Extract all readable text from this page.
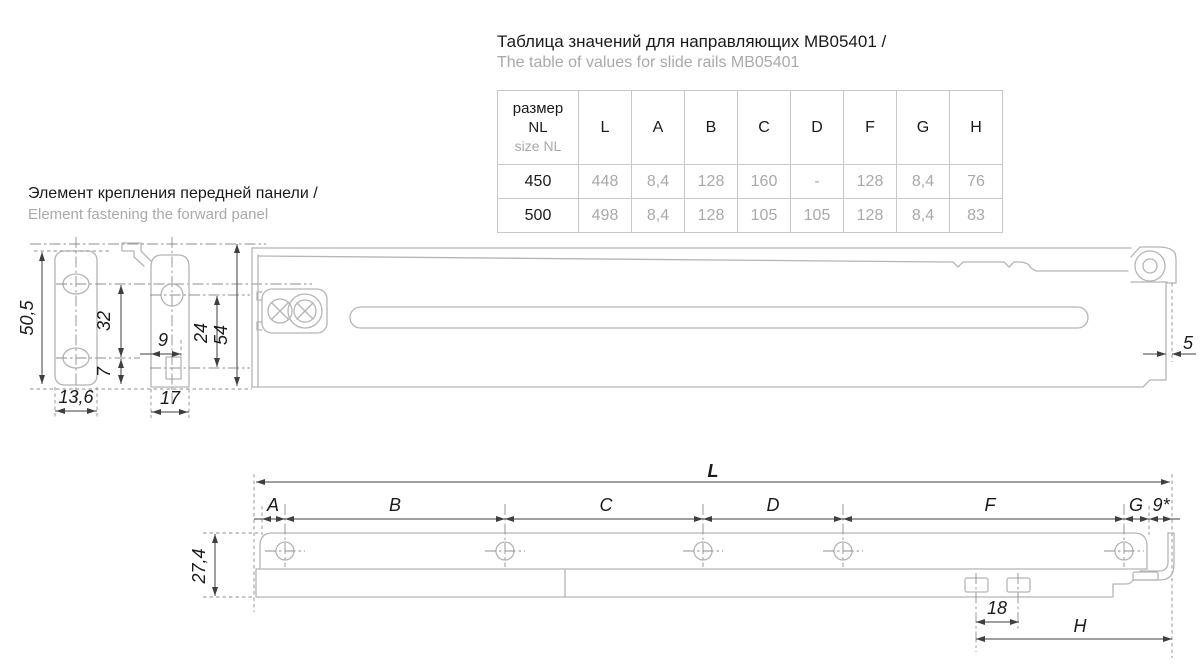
Таблица значений для направляющих MB05401 /
The table of values for slide rails MB05401
размер
NL
size NL	L	A	B	C	D	F	G	H
450	448	8,4	128	160	-	128	8,4	76
500	498	8,4	128	105	105	128	8,4	83
Элемент крепления передней панели /
Element fastening the forward panel
50,5	32
7
13,6
9 24 54
17
5
L
A	B	C	D	F	G 9*
27,4
18
H
